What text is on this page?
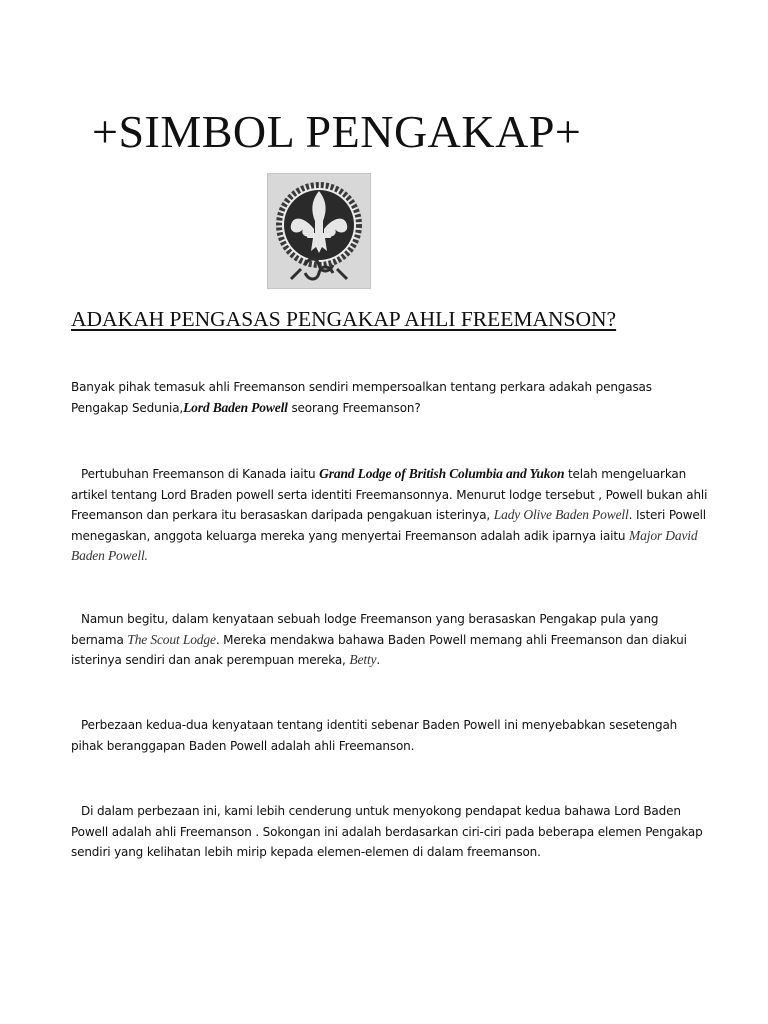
+SIMBOL PENGAKAP+
ADAKAH PENGASAS PENGAKAP AHLI FREEMANSON?

Banyak pihak temasuk ahli Freemanson sendiri mempersoalkan tentang perkara adakah pengasas Pengakap Sedunia,Lord Baden Powell seorang Freemanson?

Pertubuhan Freemanson di Kanada iaitu Grand Lodge of British Columbia and Yukon telah mengeluarkan artikel tentang Lord Braden powell serta identiti Freemansonnya. Menurut lodge tersebut , Powell bukan ahli Freemanson dan perkara itu berasaskan daripada pengakuan isterinya, Lady Olive Baden Powell. Isteri Powell menegaskan, anggota keluarga mereka yang menyertai Freemanson adalah adik iparnya iaitu Major David Baden Powell.

Namun begitu, dalam kenyataan sebuah lodge Freemanson yang berasaskan Pengakap pula yang bernama The Scout Lodge. Mereka mendakwa bahawa Baden Powell memang ahli Freemanson dan diakui isterinya sendiri dan anak perempuan mereka, Betty.

Perbezaan kedua-dua kenyataan tentang identiti sebenar Baden Powell ini menyebabkan sesetengah pihak beranggapan Baden Powell adalah ahli Freemanson.

Di dalam perbezaan ini, kami lebih cenderung untuk menyokong pendapat kedua bahawa Lord Baden Powell adalah ahli Freemanson . Sokongan ini adalah berdasarkan ciri-ciri pada beberapa elemen Pengakap sendiri yang kelihatan lebih mirip kepada elemen-elemen di dalam freemanson.
